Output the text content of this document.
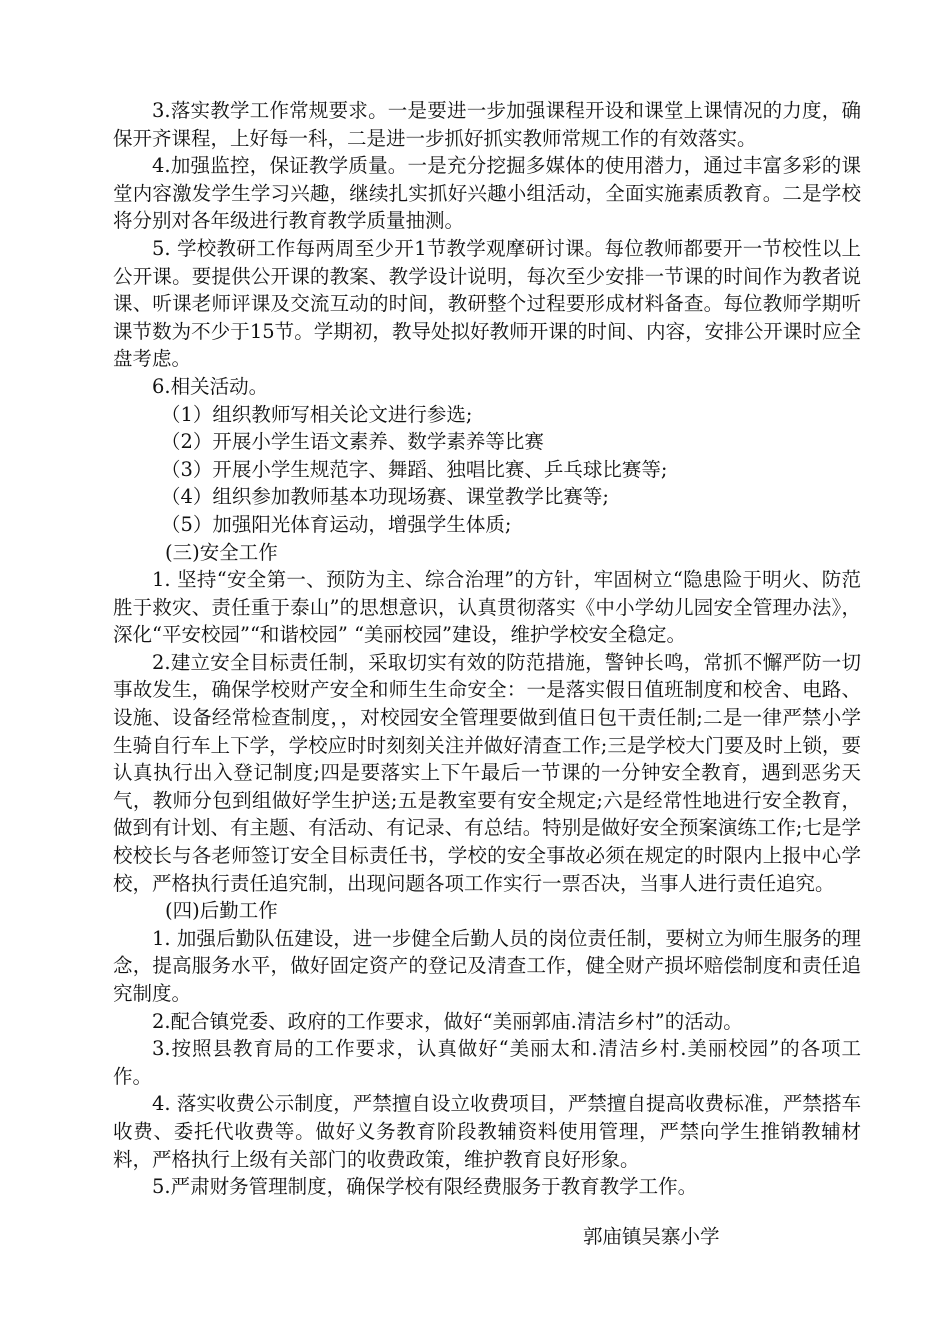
3.落实教学工作常规要求。一是要进一步加强课程开设和课堂上课情况的力度，确保开齐课程，上好每一科，二是进一步抓好抓实教师常规工作的有效落实。

4.加强监控，保证教学质量。一是充分挖掘多媒体的使用潜力，通过丰富多彩的课堂内容激发学生学习兴趣，继续扎实抓好兴趣小组活动，全面实施素质教育。二是学校将分别对各年级进行教育教学质量抽测。

5. 学校教研工作每两周至少开1节教学观摩研讨课。每位教师都要开一节校性以上公开课。要提供公开课的教案、教学设计说明，每次至少安排一节课的时间作为教者说课、听课老师评课及交流互动的时间，教研整个过程要形成材料备查。每位教师学期听课节数为不少于15节。学期初，教导处拟好教师开课的时间、内容，安排公开课时应全盘考虑。

6.相关活动。

（1）组织教师写相关论文进行参选;

（2）开展小学生语文素养、数学素养等比赛

（3）开展小学生规范字、舞蹈、独唱比赛、乒乓球比赛等;

（4）组织参加教师基本功现场赛、课堂教学比赛等;

（5）加强阳光体育运动，增强学生体质;

(三)安全工作

1. 坚持“安全第一、预防为主、综合治理”的方针，牢固树立“隐患险于明火、防范胜于救灾、责任重于泰山”的思想意识，认真贯彻落实《中小学幼儿园安全管理办法》，深化“平安校园”“和谐校园” “美丽校园”建设，维护学校安全稳定。

2.建立安全目标责任制，采取切实有效的防范措施，警钟长鸣，常抓不懈严防一切事故发生，确保学校财产安全和师生生命安全：一是落实假日值班制度和校舍、电路、设施、设备经常检查制度，，对校园安全管理要做到值日包干责任制;二是一律严禁小学生骑自行车上下学，学校应时时刻刻关注并做好清查工作;三是学校大门要及时上锁，要认真执行出入登记制度;四是要落实上下午最后一节课的一分钟安全教育，遇到恶劣天气，教师分包到组做好学生护送;五是教室要有安全规定;六是经常性地进行安全教育，做到有计划、有主题、有活动、有记录、有总结。特别是做好安全预案演练工作;七是学校校长与各老师签订安全目标责任书，学校的安全事故必须在规定的时限内上报中心学校，严格执行责任追究制，出现问题各项工作实行一票否决，当事人进行责任追究。

(四)后勤工作

1. 加强后勤队伍建设，进一步健全后勤人员的岗位责任制，要树立为师生服务的理念，提高服务水平，做好固定资产的登记及清查工作，健全财产损坏赔偿制度和责任追究制度。

2.配合镇党委、政府的工作要求，做好“美丽郭庙.清洁乡村”的活动。

3.按照县教育局的工作要求，认真做好“美丽太和.清洁乡村.美丽校园”的各项工作。

4. 落实收费公示制度，严禁擅自设立收费项目，严禁擅自提高收费标准，严禁搭车收费、委托代收费等。做好义务教育阶段教辅资料使用管理，严禁向学生推销教辅材料，严格执行上级有关部门的收费政策，维护教育良好形象。

5.严肃财务管理制度，确保学校有限经费服务于教育教学工作。

郭庙镇吴寨小学
